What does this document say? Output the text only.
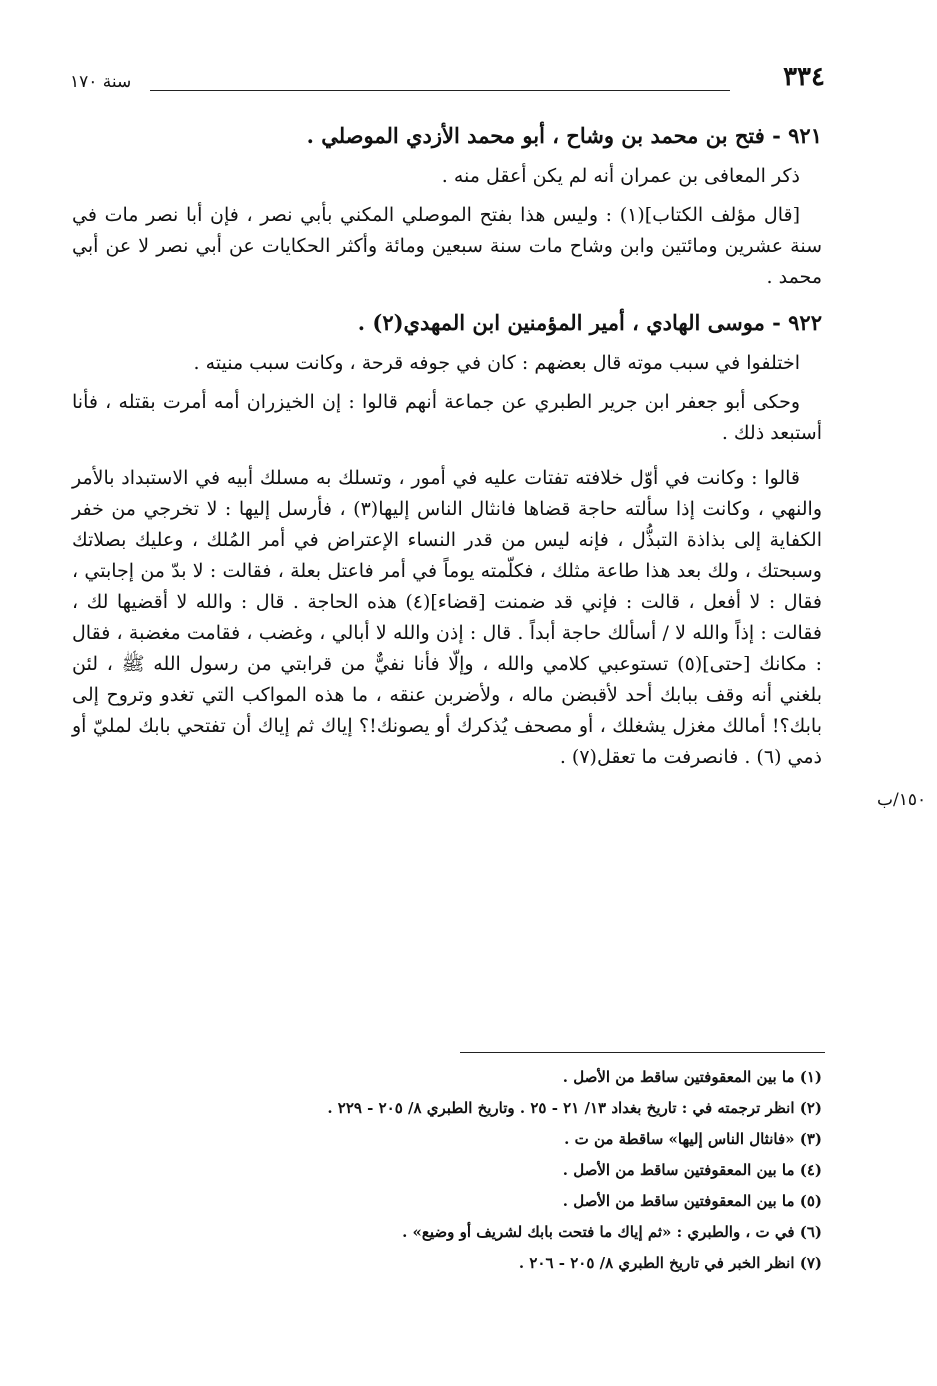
سنة ١٧٠	٣٣٤

٩٢١ - فتح بن محمد بن وشاح ، أبو محمد الأزدي الموصلي .

ذكر المعافى بن عمران أنه لم يكن أعقل منه .

[قال مؤلف الكتاب](١) : وليس هذا بفتح الموصلي المكني بأبي نصر ، فإن أبا نصر مات في سنة عشرين ومائتين وابن وشاح مات سنة سبعين ومائة وأكثر الحكايات عن أبي نصر لا عن أبي محمد .

٩٢٢ - موسى الهادي ، أمير المؤمنين ابن المهدي(٢) .

اختلفوا في سبب موته قال بعضهم : كان في جوفه قرحة ، وكانت سبب منيته .

وحكى أبو جعفر ابن جرير الطبري عن جماعة أنهم قالوا : إن الخيزران أمه أمرت بقتله ، فأنا أستبعد ذلك .

قالوا : وكانت في أوّل خلافته تفتات عليه في أمور ، وتسلك به مسلك أبيه في الاستبداد بالأمر والنهي ، وكانت إذا سألته حاجة قضاها فانثال الناس إليها(٣) ، فأرسل إليها : لا تخرجي من خفر الكفاية إلى بذاذة التبذُّل ، فإنه ليس من قدر النساء الإعتراض في أمر المُلك ، وعليك بصلاتك وسبحتك ، ولك بعد هذا طاعة مثلك ، فكلّمته يوماً في أمر فاعتل بعلة ، فقالت : لا بدّ من إجابتي ، فقال : لا أفعل ، قالت : فإني قد ضمنت [قضاء](٤) هذه الحاجة . قال : والله لا أقضيها لك ، فقالت : إذاً والله لا / أسألك حاجة أبداً . قال : إذن والله لا أبالي ، وغضب ، فقامت مغضبة ، فقال : مكانك [حتى](٥) تستوعبي كلامي والله ، وإلّا فأنا نفيٌّ من قرابتي من رسول الله ﷺ ، لئن بلغني أنه وقف ببابك أحد لأقبضن ماله ، ولأضربن عنقه ، ما هذه المواكب التي تغدو وتروح إلى بابك؟! أمالك مغزل يشغلك ، أو مصحف يُذكرك أو يصونك!؟ إياك ثم إياك أن تفتحي بابك لمليّ أو ذمي (٦) . فانصرفت ما تعقل(٧) .

١٥٠/ب

(١) ما بين المعقوفتين ساقط من الأصل .

(٢) انظر ترجمته في : تاريخ بغداد ١٣/ ٢١ - ٢٥ . وتاريخ الطبري ٨/ ٢٠٥ - ٢٢٩ .

(٣) «فانثال الناس إليها» ساقطة من ت .

(٤) ما بين المعقوفتين ساقط من الأصل .

(٥) ما بين المعقوفتين ساقط من الأصل .

(٦) في ت ، والطبري : «ثم إياك ما فتحت بابك لشريف أو وضيع» .

(٧) انظر الخبر في تاريخ الطبري ٨/ ٢٠٥ - ٢٠٦ .
